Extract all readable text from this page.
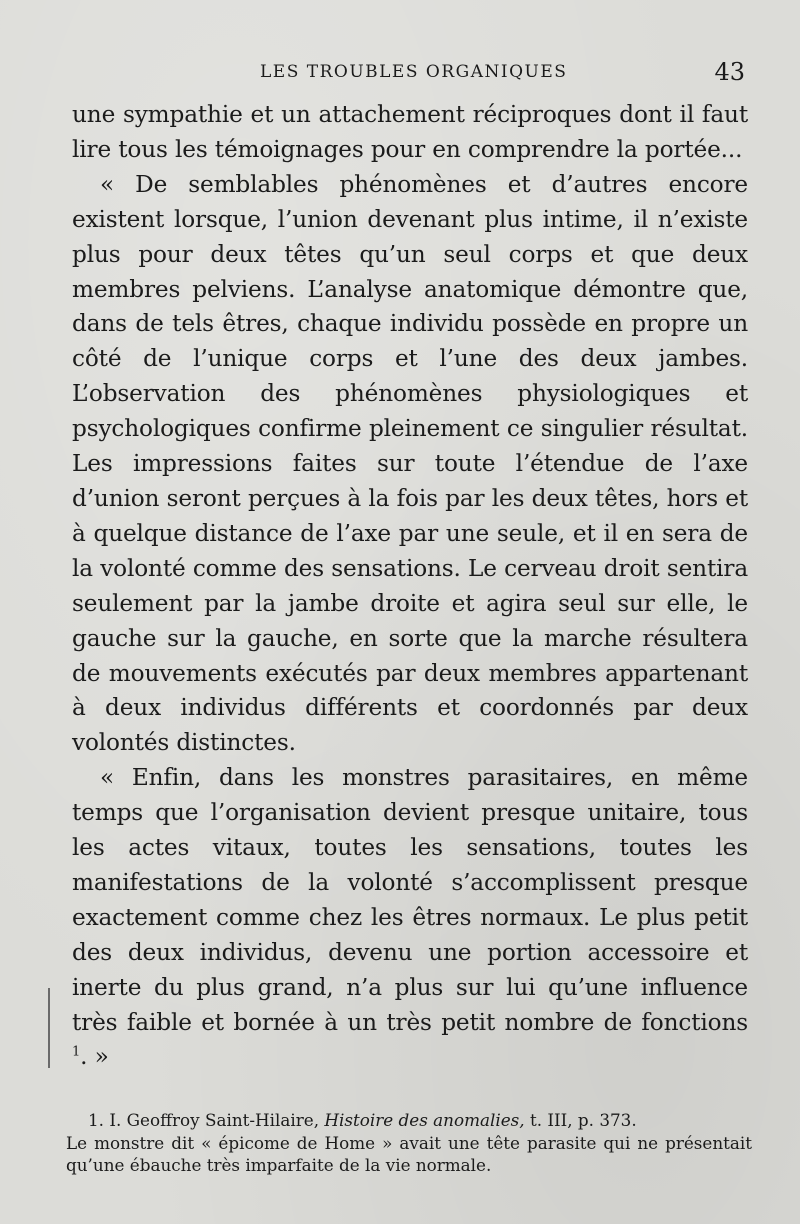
LES TROUBLES ORGANIQUES	43

une sympathie et un attachement réciproques dont il faut lire tous les témoignages pour en comprendre la portée...

« De semblables phénomènes et d’autres encore existent lorsque, l’union devenant plus intime, il n’existe plus pour deux têtes qu’un seul corps et que deux membres pelviens. L’analyse anatomique démontre que, dans de tels êtres, chaque individu possède en propre un côté de l’unique corps et l’une des deux jambes. L’observation des phénomènes physiologiques et psychologiques confirme pleinement ce singulier résultat. Les impressions faites sur toute l’étendue de l’axe d’union seront perçues à la fois par les deux têtes, hors et à quelque distance de l’axe par une seule, et il en sera de la volonté comme des sensations. Le cerveau droit sentira seulement par la jambe droite et agira seul sur elle, le gauche sur la gauche, en sorte que la marche résultera de mouvements exécutés par deux membres appartenant à deux individus différents et coordonnés par deux volontés distinctes.

« Enfin, dans les monstres parasitaires, en même temps que l’organisation devient presque unitaire, tous les actes vitaux, toutes les sensations, toutes les manifestations de la volonté s’accomplissent presque exactement comme chez les êtres normaux. Le plus petit des deux individus, devenu une portion accessoire et inerte du plus grand, n’a plus sur lui qu’une influence très faible et bornée à un très petit nombre de fonctions $^1$. »

1. I. Geoffroy Saint-Hilaire, Histoire des anomalies, t. III, p. 373.
Le monstre dit « épicome de Home » avait une tête parasite qui ne présentait qu’une ébauche très imparfaite de la vie normale.
